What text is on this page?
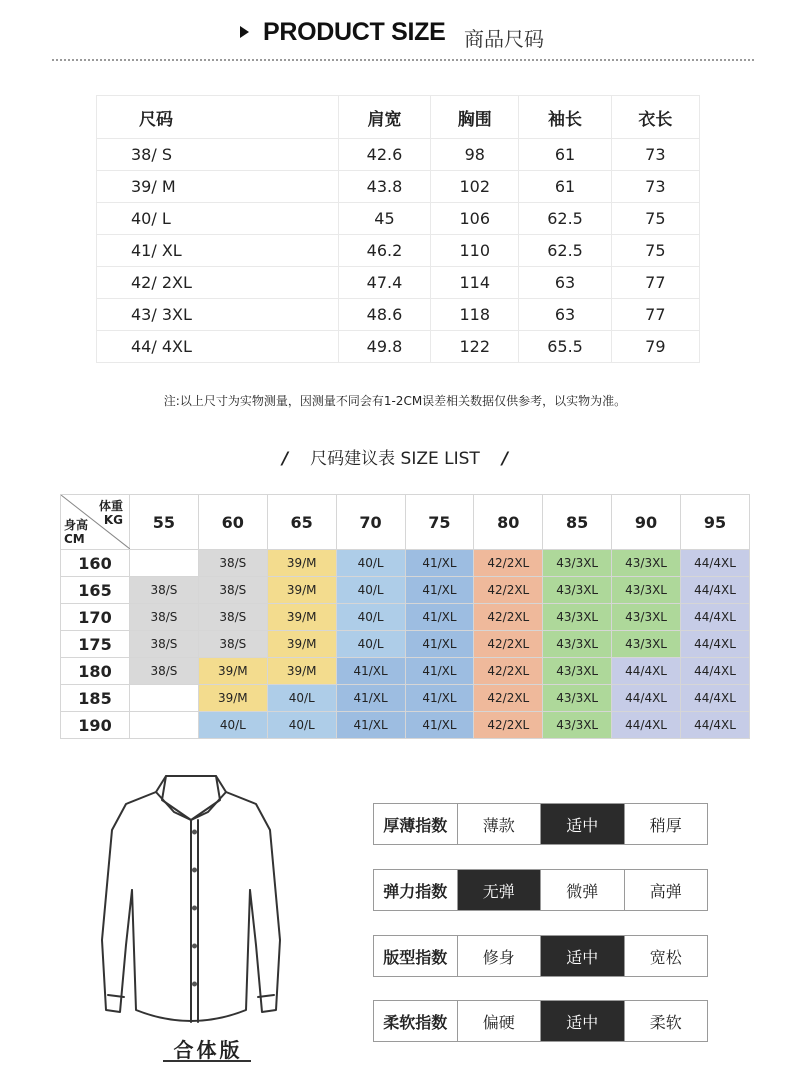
PRODUCT SIZE 商品尺码
尺码	肩宽	胸围	袖长	衣长
38/ S	42.6	98	61	73
39/ M	43.8	102	61	73
40/ L	45	106	62.5	75
41/ XL	46.2	110	62.5	75
42/ 2XL	47.4	114	63	77
43/ 3XL	48.6	118	63	77
44/ 4XL	49.8	122	65.5	79
注:以上尺寸为实物测量，因测量不同会有1-2CM误差相关数据仅供参考，以实物为准。
/ 尺码建议表 SIZE LIST /
体重
KG
身高
CM	55	60	65	70	75	80	85	90	95
160		38/S	39/M	40/L	41/XL	42/2XL	43/3XL	43/3XL	44/4XL
165	38/S	38/S	39/M	40/L	41/XL	42/2XL	43/3XL	43/3XL	44/4XL
170	38/S	38/S	39/M	40/L	41/XL	42/2XL	43/3XL	43/3XL	44/4XL
175	38/S	38/S	39/M	40/L	41/XL	42/2XL	43/3XL	43/3XL	44/4XL
180	38/S	39/M	39/M	41/XL	41/XL	42/2XL	43/3XL	44/4XL	44/4XL
185		39/M	40/L	41/XL	41/XL	42/2XL	43/3XL	44/4XL	44/4XL
190		40/L	40/L	41/XL	41/XL	42/2XL	43/3XL	44/4XL	44/4XL
合体版
厚薄指数	薄款	适中	稍厚
弹力指数	无弹	微弹	高弹
版型指数	修身	适中	宽松
柔软指数	偏硬	适中	柔软
